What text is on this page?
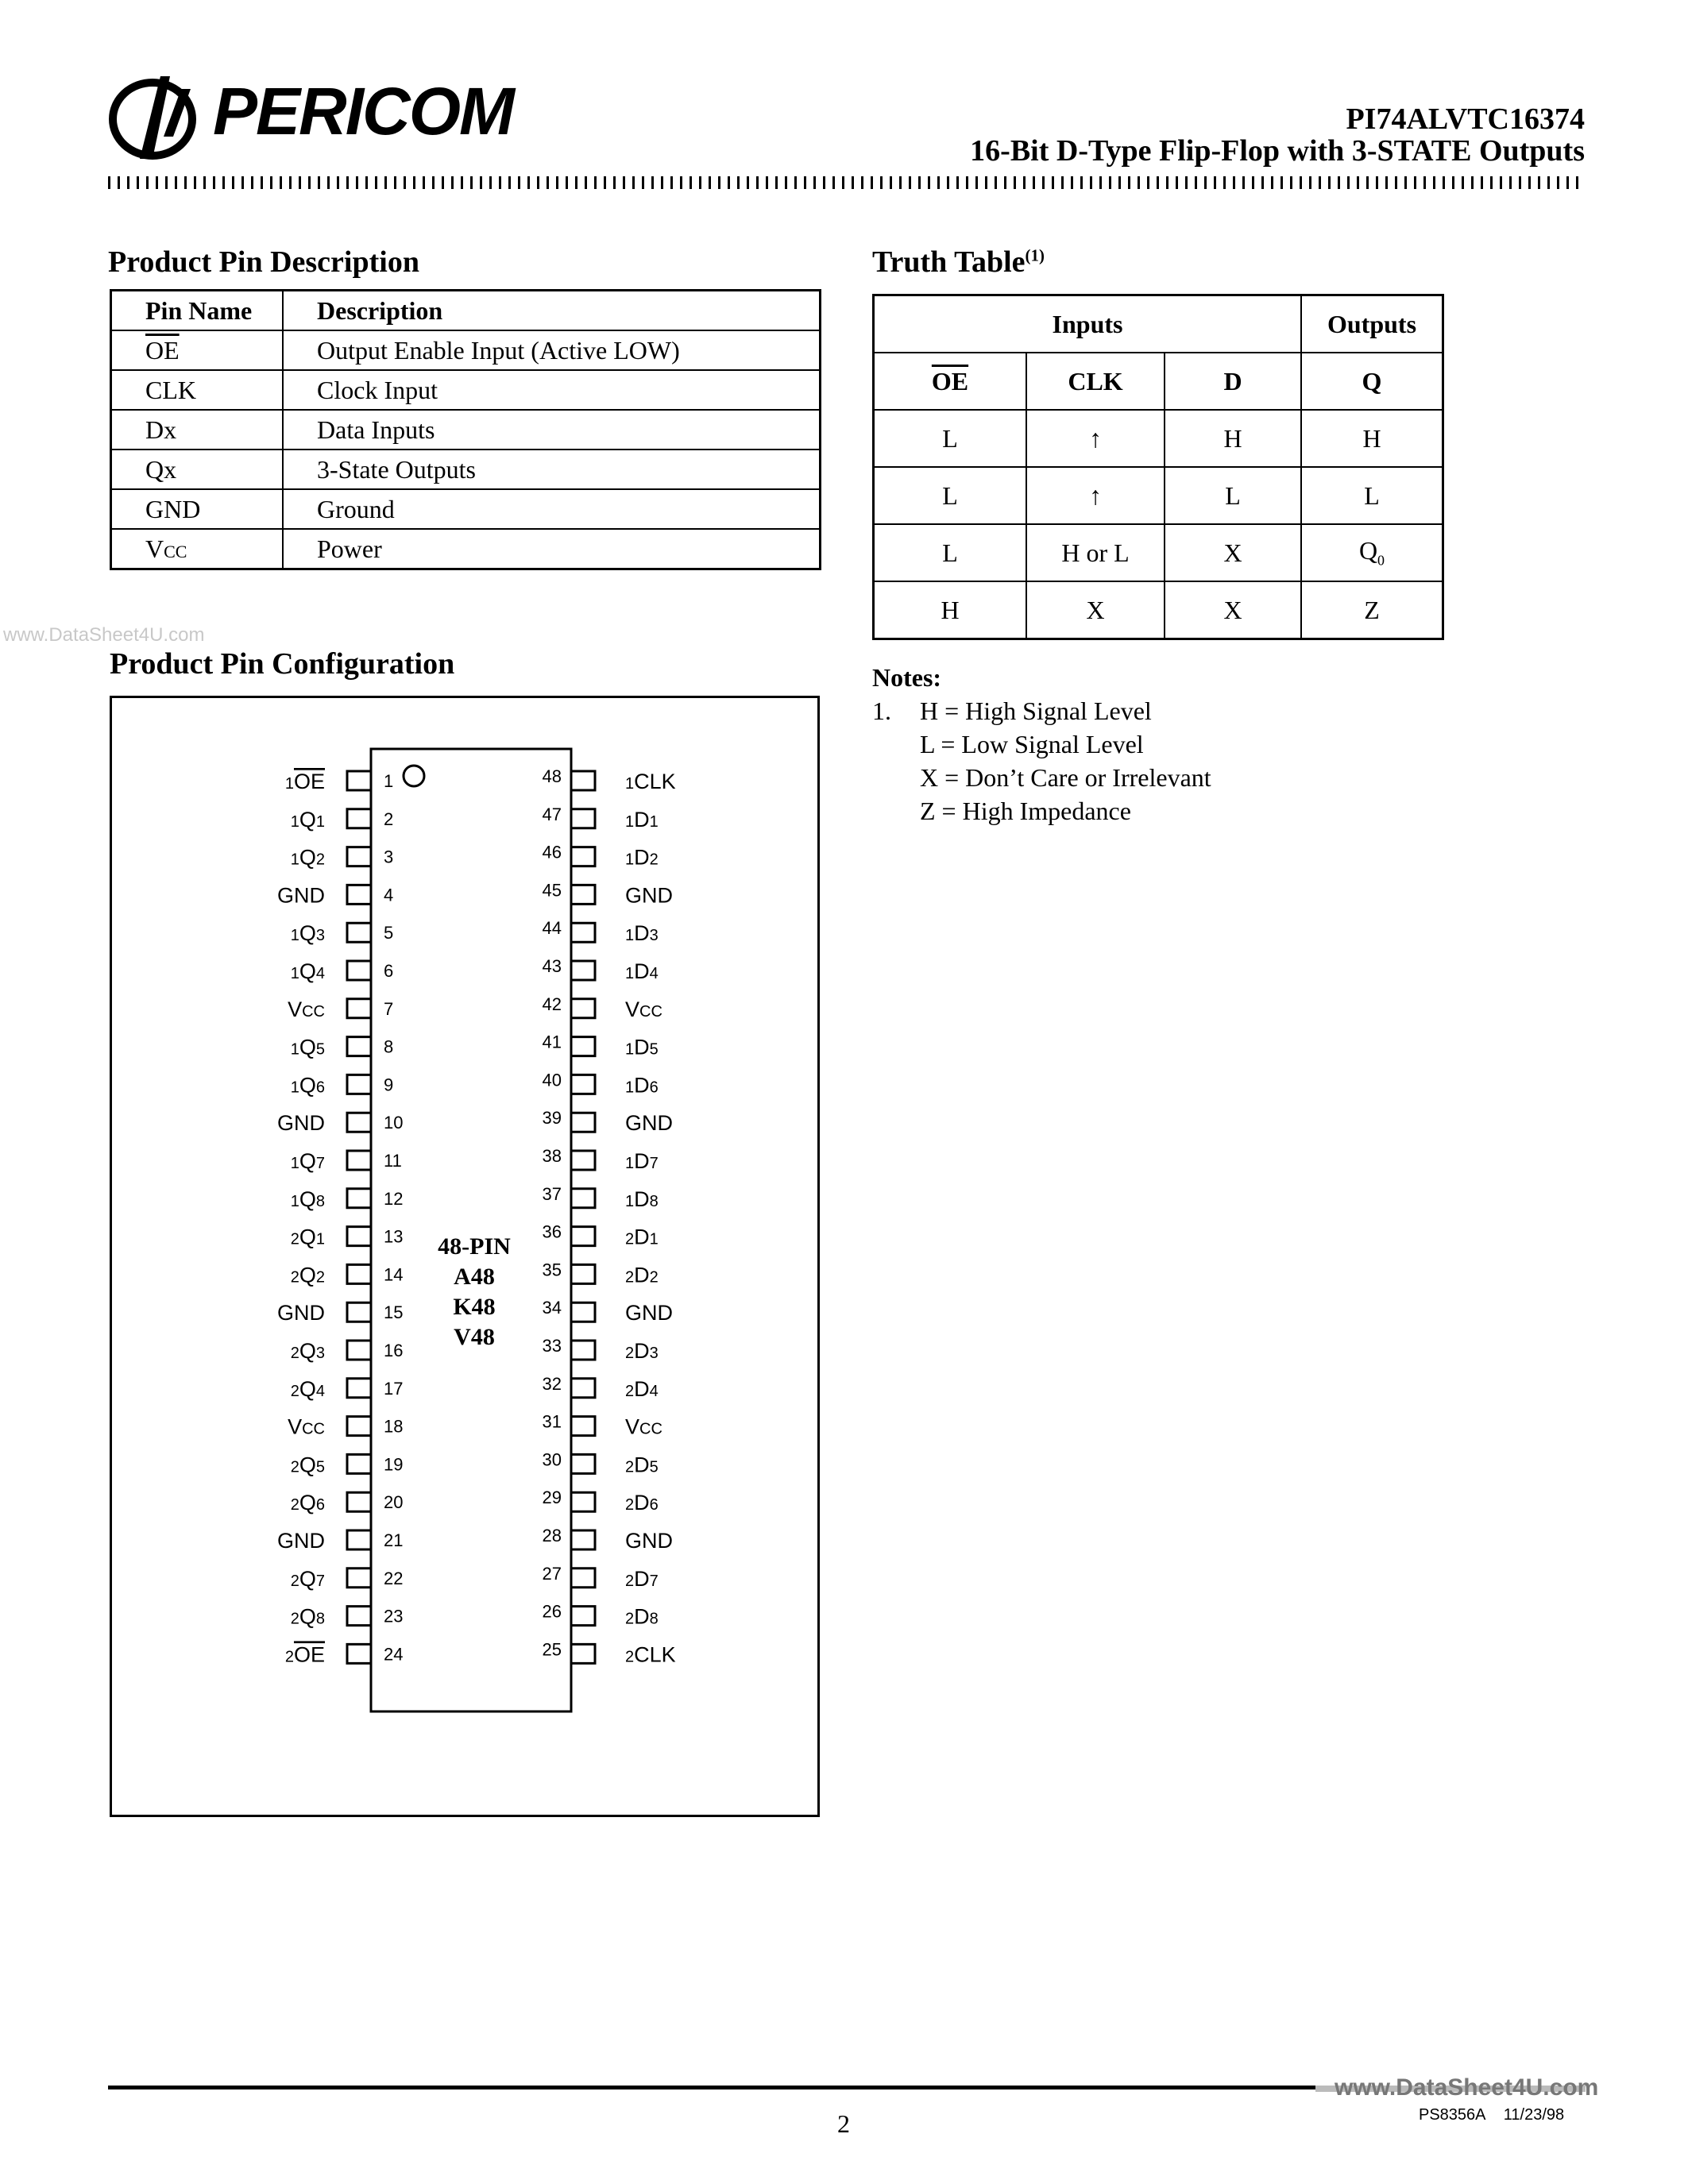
PERICOM	PI74ALVTC16374
16-Bit D-Type Flip-Flop with 3-STATE Outputs
www.DataSheet4U.com
Product Pin Description
Pin Name	Description
$\overline{OE}$	Output Enable Input (Active LOW)
CLK	Clock Input
Dx	Data Inputs
Qx	3-State Outputs
GND	Ground
VCC	Power
Truth Table$^{(1)}$
Inputs			Outputs
$\overline{OE}$	CLK	D	Q
L	↑	H	H
L	↑	L	L
L	H or L	X	$Q_0$
H	X	X	Z
Notes:
1. H = High Signal Level
L = Low Signal Level
X = Don’t Care or Irrelevant
Z = High Impedance
Product Pin Configuration
1
1OE
2
1Q1
3
1Q2
4
GND
5
1Q3
6
1Q4
7
VCC
8
1Q5
9
1Q6
10
GND
11
1Q7
12
1Q8
13
2Q1
14
2Q2
15
GND
16
2Q3
17
2Q4
18
VCC
19
2Q5
20
2Q6
21
GND
22
2Q7
23
2Q8
24
2OE
48	1CLK
47	1D1
46	1D2
45	GND
44	1D3
43	1D4
42	VCC
41	1D5
40	1D6
39	GND
38	1D7
37	1D8
36	2D1
35	2D2
34	GND
33	2D3
32	2D4
31	VCC
30	2D5
29	2D6
28	GND
27	2D7
26	2D8
25	2CLK
48-PIN
A48
K48
V48
www.DataSheet4U.com
2	PS8356A 11/23/98
